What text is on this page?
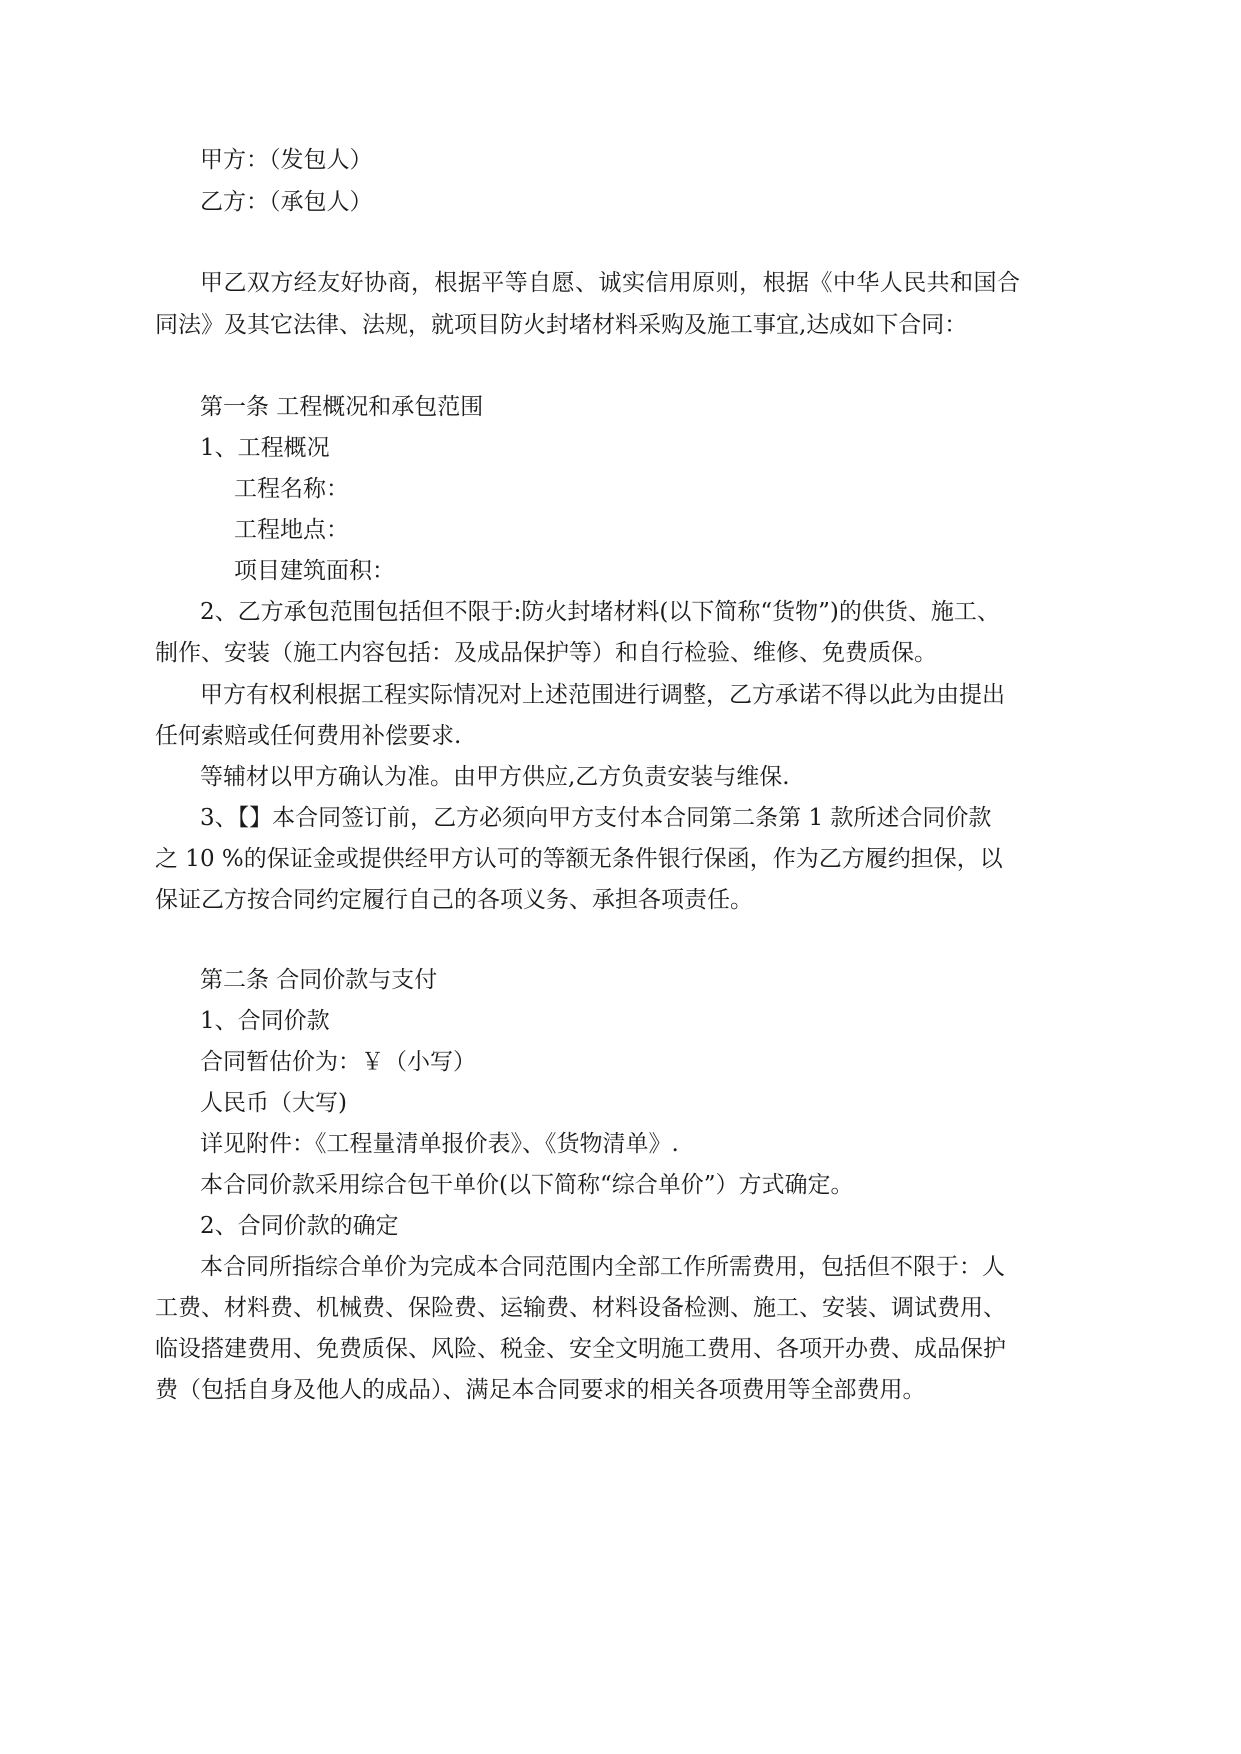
甲方：（发包人）

乙方：（承包人）

甲乙双方经友好协商，根据平等自愿、诚实信用原则，根据《中华人民共和国合

同法》及其它法律、法规，就项目防火封堵材料采购及施工事宜,达成如下合同：

第一条 工程概况和承包范围

1、工程概况

工程名称：

工程地点：

项目建筑面积：

2、乙方承包范围包括但不限于:防火封堵材料(以下简称“货物”)的供货、施工、

制作、安装（施工内容包括：及成品保护等）和自行检验、维修、免费质保。

甲方有权利根据工程实际情况对上述范围进行调整，乙方承诺不得以此为由提出

任何索赔或任何费用补偿要求.

等辅材以甲方确认为准。由甲方供应,乙方负责安装与维保.

3、【】本合同签订前，乙方必须向甲方支付本合同第二条第 1 款所述合同价款

之 10 %的保证金或提供经甲方认可的等额无条件银行保函，作为乙方履约担保，以

保证乙方按合同约定履行自己的各项义务、承担各项责任。

第二条 合同价款与支付

1、合同价款

合同暂估价为：￥（小写）

人民币（大写)

详见附件：《工程量清单报价表》、《货物清单》.

本合同价款采用综合包干单价(以下简称“综合单价”）方式确定。

2、合同价款的确定

本合同所指综合单价为完成本合同范围内全部工作所需费用，包括但不限于：人

工费、材料费、机械费、保险费、运输费、材料设备检测、施工、安装、调试费用、

临设搭建费用、免费质保、风险、税金、安全文明施工费用、各项开办费、成品保护

费（包括自身及他人的成品）、满足本合同要求的相关各项费用等全部费用。
